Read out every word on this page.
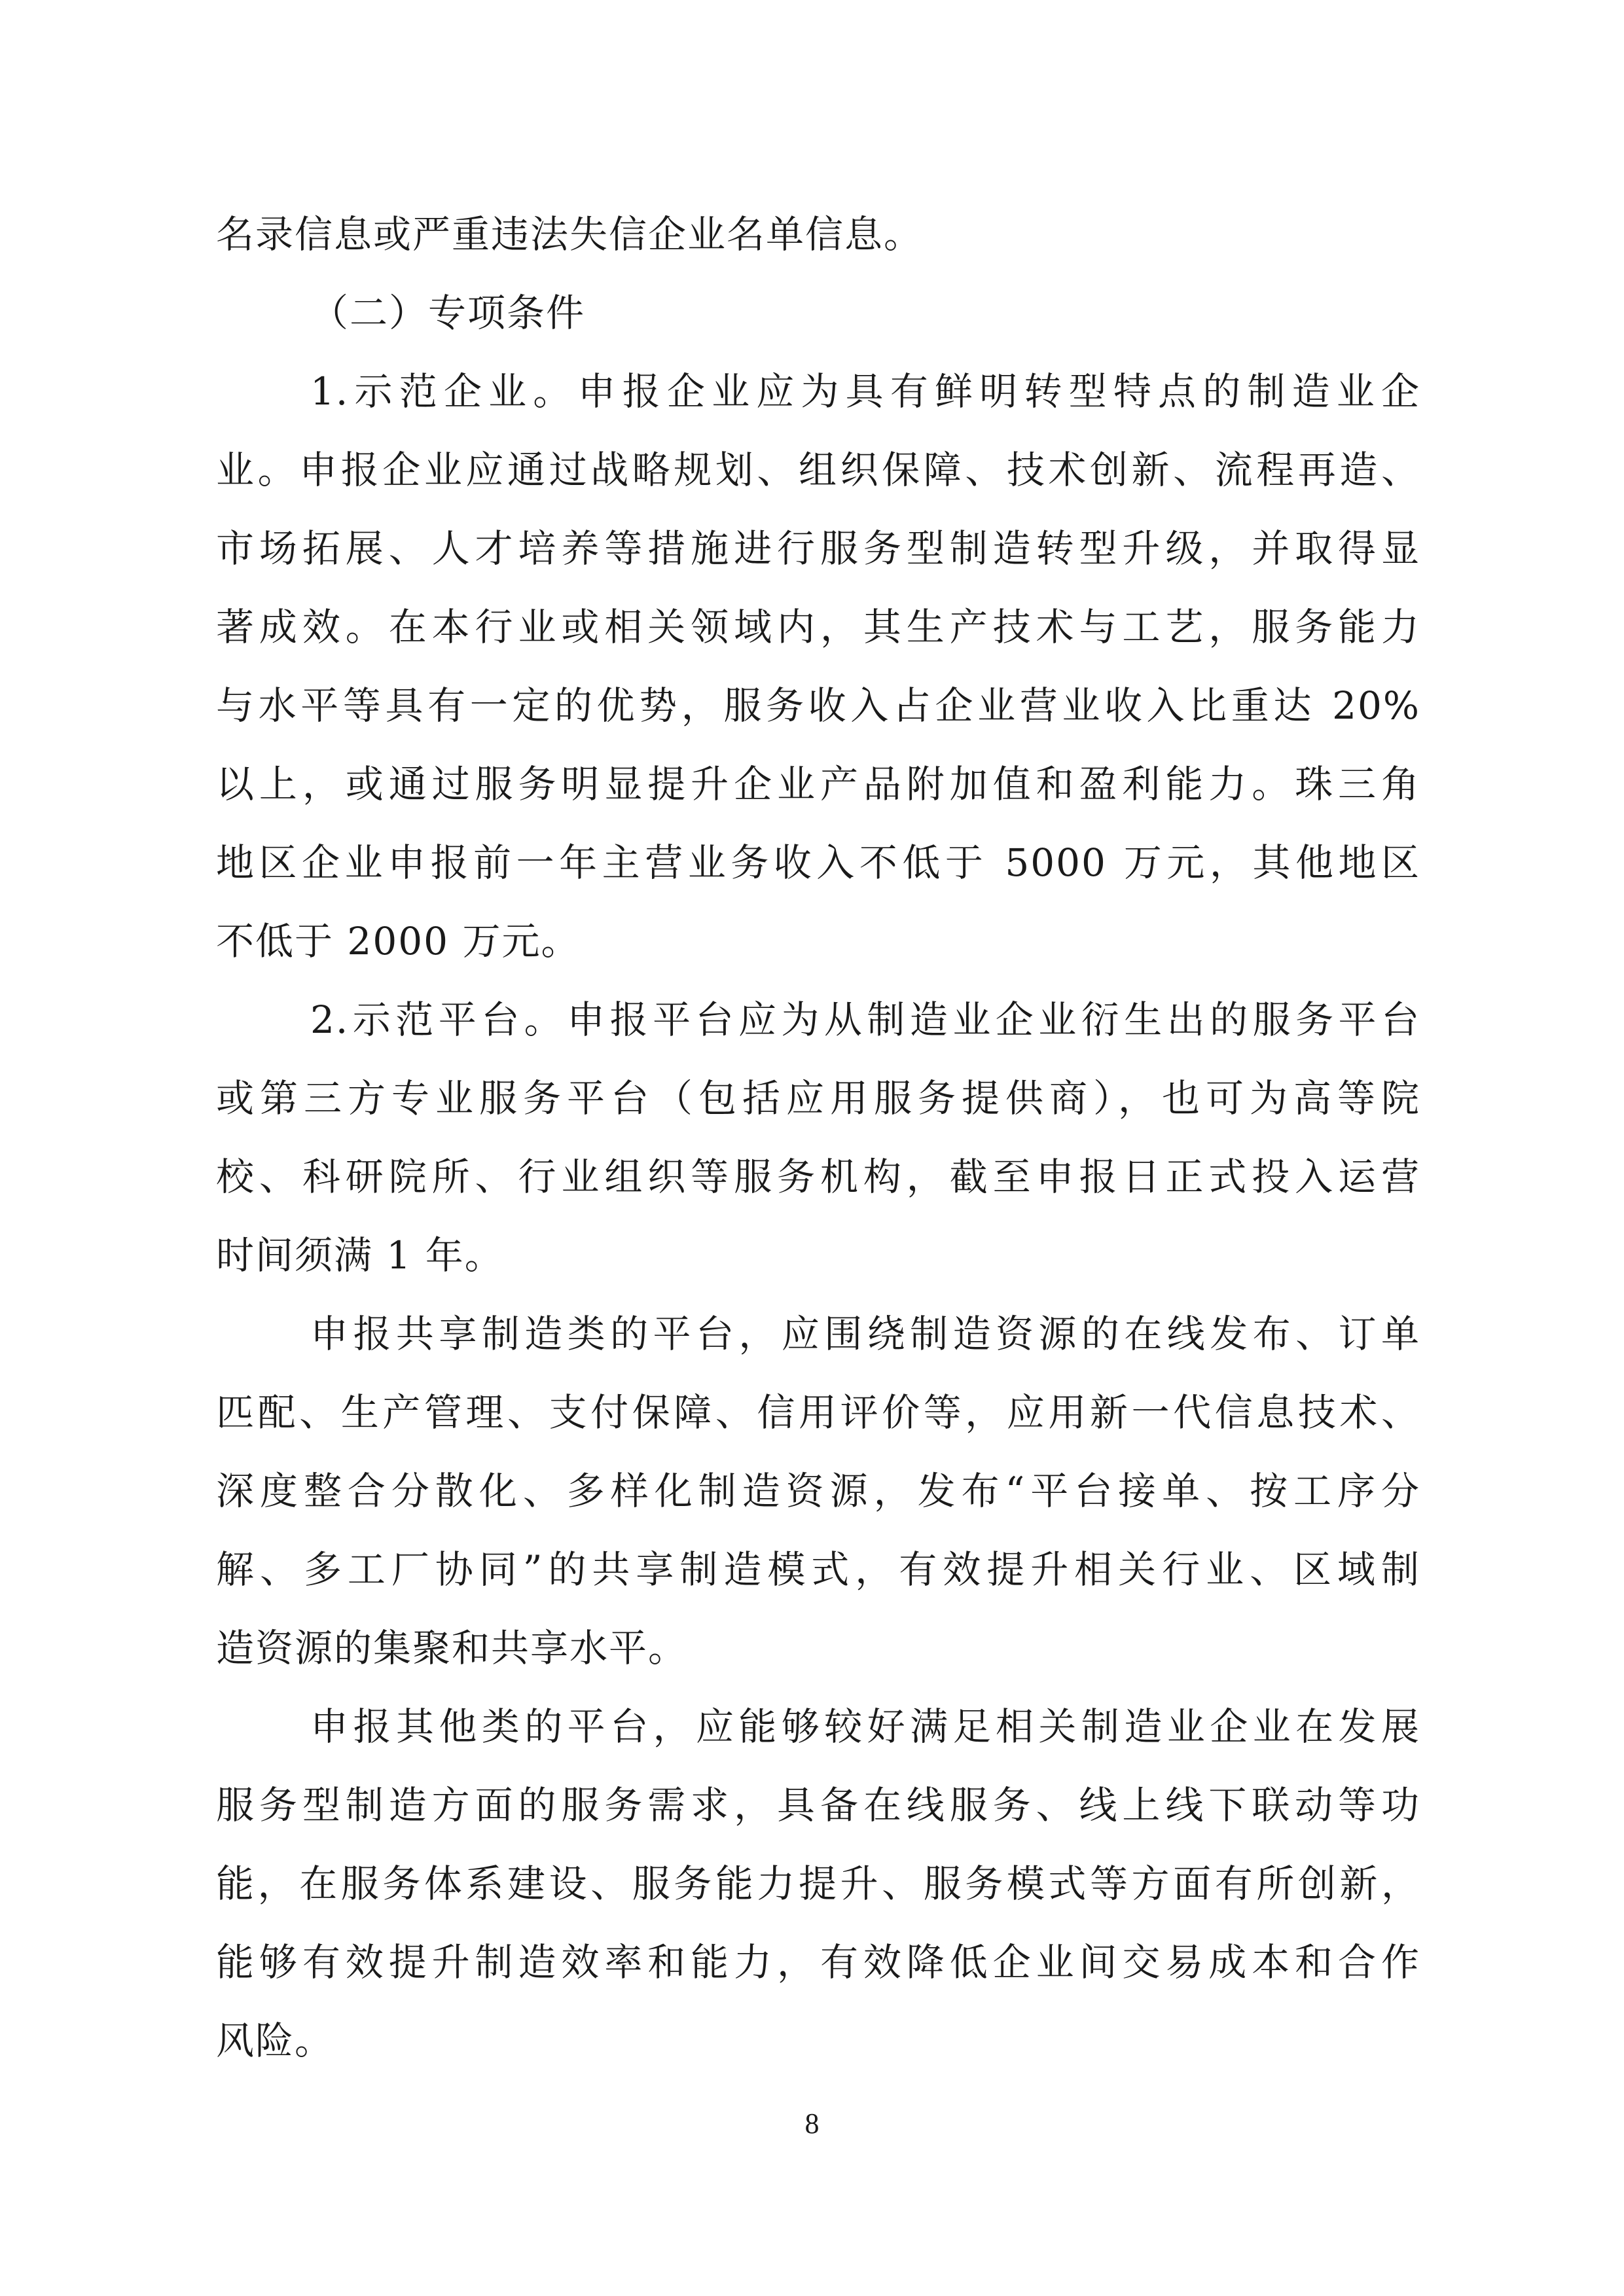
名录信息或严重违法失信企业名单信息。
（二）专项条件
1.示范企业。申报企业应为具有鲜明转型特点的制造业企
业。申报企业应通过战略规划、组织保障、技术创新、流程再造、
市场拓展、人才培养等措施进行服务型制造转型升级，并取得显
著成效。在本行业或相关领域内，其生产技术与工艺，服务能力
与水平等具有一定的优势，服务收入占企业营业收入比重达 20%
以上，或通过服务明显提升企业产品附加值和盈利能力。珠三角
地区企业申报前一年主营业务收入不低于 5000 万元，其他地区
不低于 2000 万元。
2.示范平台。申报平台应为从制造业企业衍生出的服务平台
或第三方专业服务平台（包括应用服务提供商），也可为高等院
校、科研院所、行业组织等服务机构，截至申报日正式投入运营
时间须满 1 年。
申报共享制造类的平台，应围绕制造资源的在线发布、订单
匹配、生产管理、支付保障、信用评价等，应用新一代信息技术、
深度整合分散化、多样化制造资源，发布“平台接单、按工序分
解、多工厂协同”的共享制造模式，有效提升相关行业、区域制
造资源的集聚和共享水平。
申报其他类的平台，应能够较好满足相关制造业企业在发展
服务型制造方面的服务需求，具备在线服务、线上线下联动等功
能，在服务体系建设、服务能力提升、服务模式等方面有所创新，
能够有效提升制造效率和能力，有效降低企业间交易成本和合作
风险。
8
